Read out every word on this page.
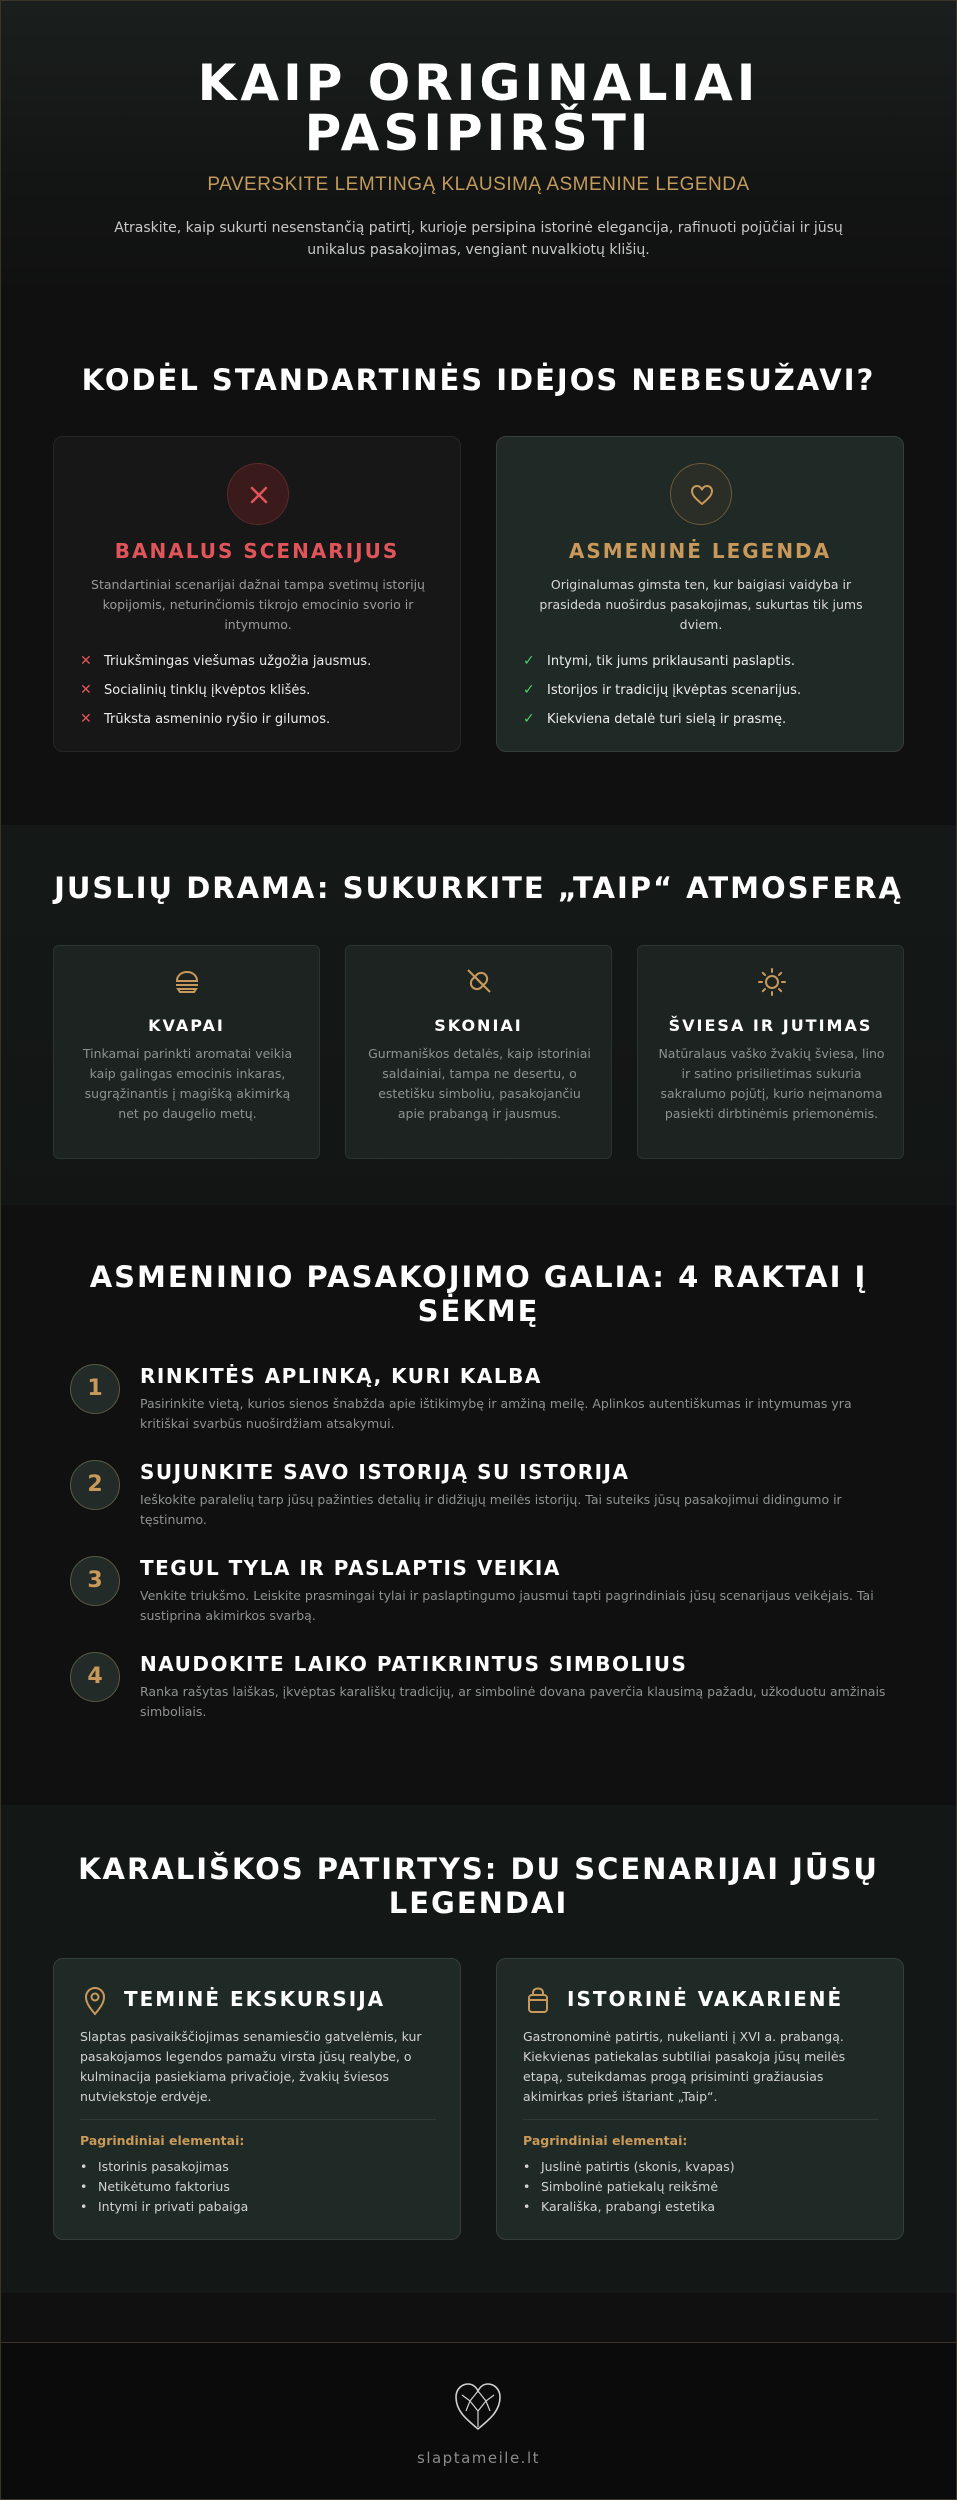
KAIP ORIGINALIAI
PASIPIRŠTI
PAVERSKITE LEMTINGĄ KLAUSIMĄ ASMENINE LEGENDA
Atraskite, kaip sukurti nesenstančią patirtį, kurioje persipina istorinė elegancija, rafinuoti pojūčiai ir jūsų unikalus pasakojimas, vengiant nuvalkiotų klišių.
KODĖL STANDARTINĖS IDĖJOS NEBESUŽAVI?
BANALUS SCENARIJUS
Standartiniai scenarijai dažnai tampa svetimų istorijų kopijomis, neturinčiomis tikrojo emocinio svorio ir intymumo.
✕ Triukšmingas viešumas užgožia jausmus.
✕ Socialinių tinklų įkvėptos klišės.
✕ Trūksta asmeninio ryšio ir gilumos.
ASMENINĖ LEGENDA
Originalumas gimsta ten, kur baigiasi vaidyba ir prasideda nuoširdus pasakojimas, sukurtas tik jums dviem.
✓ Intymi, tik jums priklausanti paslaptis.
✓ Istorijos ir tradicijų įkvėptas scenarijus.
✓ Kiekviena detalė turi sielą ir prasmę.
JUSLIŲ DRAMA: SUKURKITE „TAIP“ ATMOSFERĄ
KVAPAI
Tinkamai parinkti aromatai veikia kaip galingas emocinis inkaras, sugrąžinantis į magišką akimirką net po daugelio metų.
SKONIAI
Gurmaniškos detalės, kaip istoriniai saldainiai, tampa ne desertu, o estetišku simboliu, pasakojančiu apie prabangą ir jausmus.
ŠVIESA IR JUTIMAS
Natūralaus vaško žvakių šviesa, lino ir satino prisilietimas sukuria sakralumo pojūtį, kurio neįmanoma pasiekti dirbtinėmis priemonėmis.
ASMENINIO PASAKOJIMO GALIA: 4 RAKTAI Į
SĖKMĘ
1	RINKITĖS APLINKĄ, KURI KALBA
Pasirinkite vietą, kurios sienos šnabžda apie ištikimybę ir amžiną meilę. Aplinkos autentiškumas ir intymumas yra kritiškai svarbūs nuoširdžiam atsakymui.
2	SUJUNKITE SAVO ISTORIJĄ SU ISTORIJA
Ieškokite paralelių tarp jūsų pažinties detalių ir didžiųjų meilės istorijų. Tai suteiks jūsų pasakojimui didingumo ir tęstinumo.
3	TEGUL TYLA IR PASLAPTIS VEIKIA
Venkite triukšmo. Leiskite prasmingai tylai ir paslaptingumo jausmui tapti pagrindiniais jūsų scenarijaus veikėjais. Tai sustiprina akimirkos svarbą.
4	NAUDOKITE LAIKO PATIKRINTUS SIMBOLIUS
Ranka rašytas laiškas, įkvėptas karališkų tradicijų, ar simbolinė dovana paverčia klausimą pažadu, užkoduotu amžinais simboliais.
KARALIŠKOS PATIRTYS: DU SCENARIJAI JŪSŲ
LEGENDAI
TEMINĖ EKSKURSIJA
Slaptas pasivaikščiojimas senamiesčio gatvelėmis, kur pasakojamos legendos pamažu virsta jūsų realybe, o kulminacija pasiekiama privačioje, žvakių šviesos nutviekstoje erdvėje.
Pagrindiniai elementai:
• Istorinis pasakojimas
• Netikėtumo faktorius
• Intymi ir privati pabaiga
ISTORINĖ VAKARIENĖ
Gastronominė patirtis, nukelianti į XVI a. prabangą. Kiekvienas patiekalas subtiliai pasakoja jūsų meilės etapą, suteikdamas progą prisiminti gražiausias akimirkas prieš ištariant „Taip“.
Pagrindiniai elementai:
• Juslinė patirtis (skonis, kvapas)
• Simbolinė patiekalų reikšmė
• Karališka, prabangi estetika
slaptameile.lt
